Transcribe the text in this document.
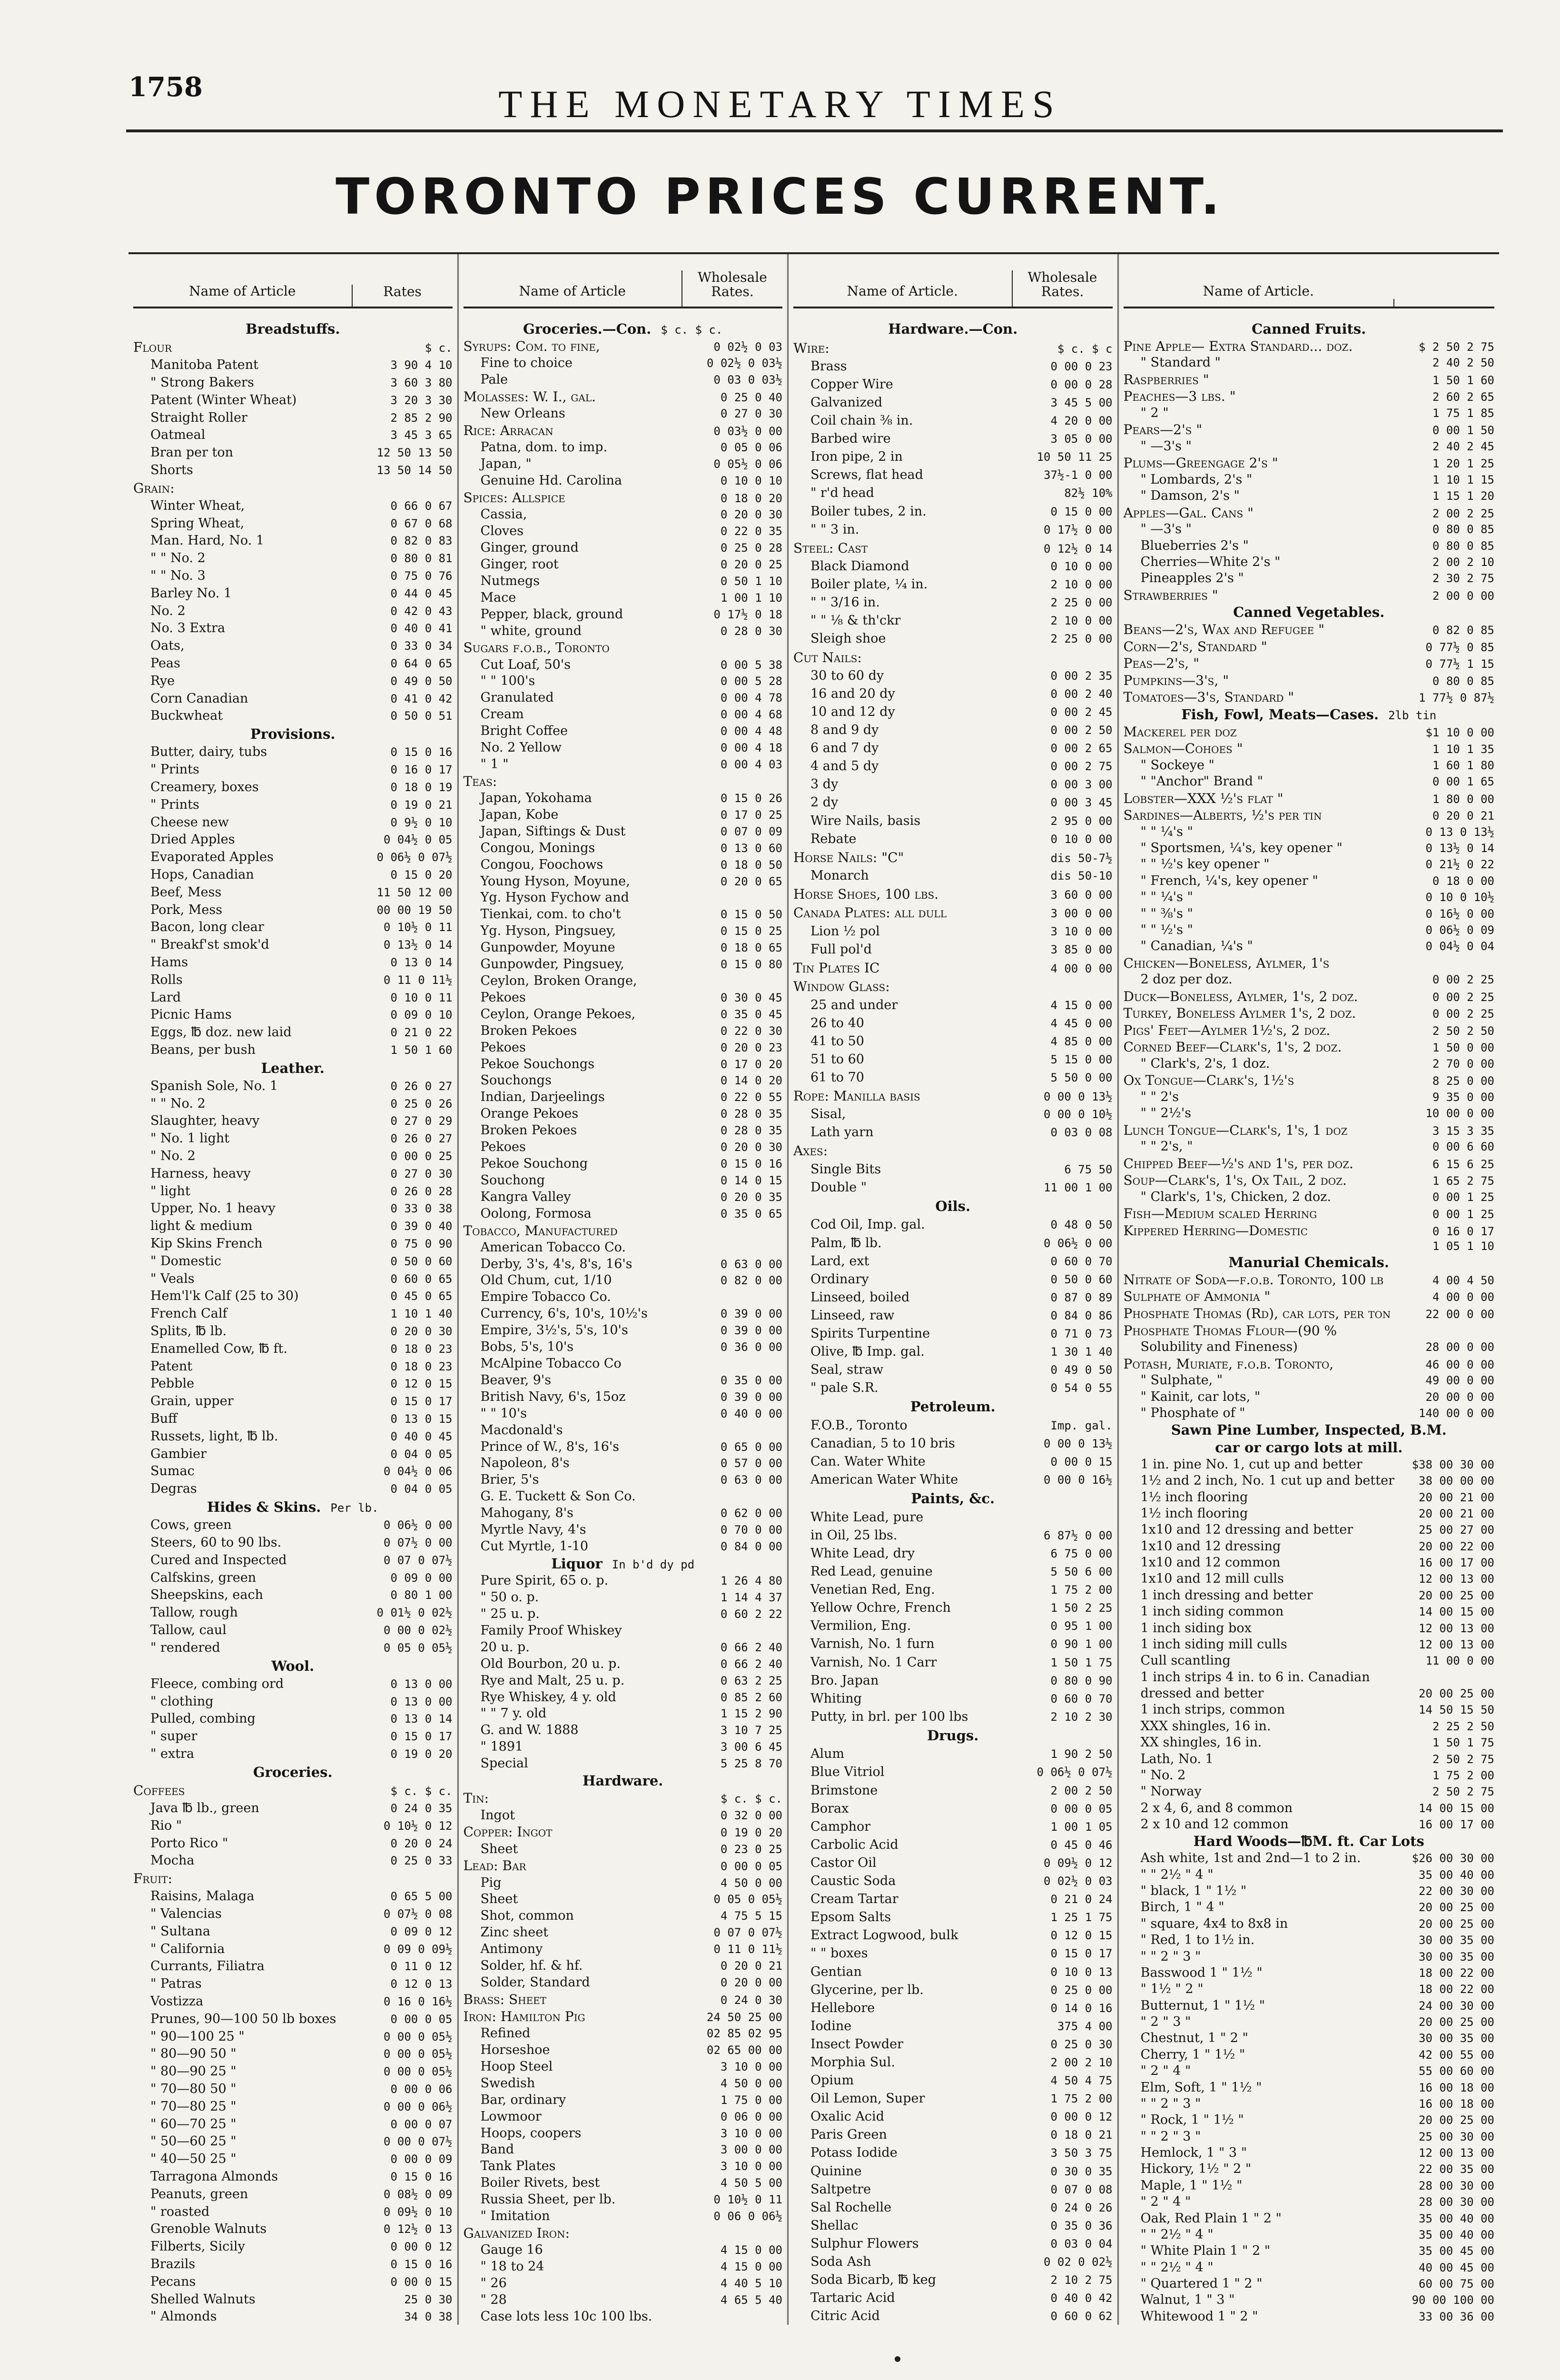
1758	THE MONETARY TIMES
TORONTO PRICES CURRENT.
Name of Article	Rates
Breadstuffs.
Flour	$ c.
Manitoba Patent	3 90 4 10
" Strong Bakers	3 60 3 80
Patent (Winter Wheat)	3 20 3 30
Straight Roller	2 85 2 90
Oatmeal	3 45 3 65
Bran per ton	12 50 13 50
Shorts	13 50 14 50
Grain:
Winter Wheat,	0 66 0 67
Spring Wheat,	0 67 0 68
Man. Hard, No. 1	0 82 0 83
" " No. 2	0 80 0 81
" " No. 3	0 75 0 76
Barley No. 1	0 44 0 45
No. 2	0 42 0 43
No. 3 Extra	0 40 0 41
Oats,	0 33 0 34
Peas	0 64 0 65
Rye	0 49 0 50
Corn Canadian	0 41 0 42
Buckwheat	0 50 0 51
Provisions.
Butter, dairy, tubs	0 15 0 16
" Prints	0 16 0 17
Creamery, boxes	0 18 0 19
" Prints	0 19 0 21
Cheese new	0 9½ 0 10
Dried Apples	0 04½ 0 05
Evaporated Apples	0 06½ 0 07½
Hops, Canadian	0 15 0 20
Beef, Mess	11 50 12 00
Pork, Mess	00 00 19 50
Bacon, long clear	0 10½ 0 11
" Breakf'st smok'd	0 13½ 0 14
Hams	0 13 0 14
Rolls	0 11 0 11½
Lard	0 10 0 11
Picnic Hams	0 09 0 10
Eggs, ℔ doz. new laid	0 21 0 22
Beans, per bush	1 50 1 60
Leather.
Spanish Sole, No. 1	0 26 0 27
" " No. 2	0 25 0 26
Slaughter, heavy	0 27 0 29
" No. 1 light	0 26 0 27
" No. 2	0 00 0 25
Harness, heavy	0 27 0 30
" light	0 26 0 28
Upper, No. 1 heavy	0 33 0 38
light & medium	0 39 0 40
Kip Skins French	0 75 0 90
" Domestic	0 50 0 60
" Veals	0 60 0 65
Hem'l'k Calf (25 to 30)	0 45 0 65
French Calf	1 10 1 40
Splits, ℔ lb.	0 20 0 30
Enamelled Cow, ℔ ft.	0 18 0 23
Patent	0 18 0 23
Pebble	0 12 0 15
Grain, upper	0 15 0 17
Buff	0 13 0 15
Russets, light, ℔ lb.	0 40 0 45
Gambier	0 04 0 05
Sumac	0 04½ 0 06
Degras	0 04 0 05
Hides & Skins. Per lb.
Cows, green	0 06½ 0 00
Steers, 60 to 90 lbs.	0 07½ 0 00
Cured and Inspected	0 07 0 07½
Calfskins, green	0 09 0 00
Sheepskins, each	0 80 1 00
Tallow, rough	0 01½ 0 02½
Tallow, caul	0 00 0 02½
" rendered	0 05 0 05½
Wool.
Fleece, combing ord	0 13 0 00
" clothing	0 13 0 00
Pulled, combing	0 13 0 14
" super	0 15 0 17
" extra	0 19 0 20
Groceries.
Coffees	$ c. $ c.
Java ℔ lb., green	0 24 0 35
Rio "	0 10½ 0 12
Porto Rico "	0 20 0 24
Mocha	0 25 0 33
Fruit:
Raisins, Malaga	0 65 5 00
" Valencias	0 07½ 0 08
" Sultana	0 09 0 12
" California	0 09 0 09½
Currants, Filiatra	0 11 0 12
" Patras	0 12 0 13
Vostizza	0 16 0 16½
Prunes, 90—100 50 lb boxes	0 00 0 05
" 90—100 25 "	0 00 0 05½
" 80—90 50 "	0 00 0 05½
" 80—90 25 "	0 00 0 05½
" 70—80 50 "	0 00 0 06
" 70—80 25 "	0 00 0 06½
" 60—70 25 "	0 00 0 07
" 50—60 25 "	0 00 0 07½
" 40—50 25 "	0 00 0 09
Tarragona Almonds	0 15 0 16
Peanuts, green	0 08½ 0 09
" roasted	0 09½ 0 10
Grenoble Walnuts	0 12½ 0 13
Filberts, Sicily	0 00 0 12
Brazils	0 15 0 16
Pecans	0 00 0 15
Shelled Walnuts	25 0 30
" Almonds	34 0 38
Name of Article
Wholesale Rates.
Groceries.—Con. $ c. $ c.
Syrups: Com. to fine,	0 02½ 0 03
Fine to choice	0 02½ 0 03½
Pale	0 03 0 03½
Molasses: W. I., gal.	0 25 0 40
New Orleans	0 27 0 30
Rice: Arracan	0 03½ 0 00
Patna, dom. to imp.	0 05 0 06
Japan, "	0 05½ 0 06
Genuine Hd. Carolina	0 10 0 10
Spices: Allspice	0 18 0 20
Cassia,	0 20 0 30
Cloves	0 22 0 35
Ginger, ground	0 25 0 28
Ginger, root	0 20 0 25
Nutmegs	0 50 1 10
Mace	1 00 1 10
Pepper, black, ground	0 17½ 0 18
" white, ground	0 28 0 30
Sugars f.o.b., Toronto
Cut Loaf, 50's	0 00 5 38
" " 100's	0 00 5 28
Granulated	0 00 4 78
Cream	0 00 4 68
Bright Coffee	0 00 4 48
No. 2 Yellow	0 00 4 18
" 1 "	0 00 4 03
Teas:
Japan, Yokohama	0 15 0 26
Japan, Kobe	0 17 0 25
Japan, Siftings & Dust	0 07 0 09
Congou, Monings	0 13 0 60
Congou, Foochows	0 18 0 50
Young Hyson, Moyune,	0 20 0 65
Yg. Hyson Fychow and
Tienkai, com. to cho't	0 15 0 50
Yg. Hyson, Pingsuey,	0 15 0 25
Gunpowder, Moyune	0 18 0 65
Gunpowder, Pingsuey,	0 15 0 80
Ceylon, Broken Orange,
Pekoes	0 30 0 45
Ceylon, Orange Pekoes,	0 35 0 45
Broken Pekoes	0 22 0 30
Pekoes	0 20 0 23
Pekoe Souchongs	0 17 0 20
Souchongs	0 14 0 20
Indian, Darjeelings	0 22 0 55
Orange Pekoes	0 28 0 35
Broken Pekoes	0 28 0 35
Pekoes	0 20 0 30
Pekoe Souchong	0 15 0 16
Souchong	0 14 0 15
Kangra Valley	0 20 0 35
Oolong, Formosa	0 35 0 65
Tobacco, Manufactured
American Tobacco Co.
Derby, 3's, 4's, 8's, 16's	0 63 0 00
Old Chum, cut, 1/10	0 82 0 00
Empire Tobacco Co.
Currency, 6's, 10's, 10½'s	0 39 0 00
Empire, 3½'s, 5's, 10's	0 39 0 00
Bobs, 5's, 10's	0 36 0 00
McAlpine Tobacco Co
Beaver, 9's	0 35 0 00
British Navy, 6's, 15oz	0 39 0 00
" " 10's	0 40 0 00
Macdonald's
Prince of W., 8's, 16's	0 65 0 00
Napoleon, 8's	0 57 0 00
Brier, 5's	0 63 0 00
G. E. Tuckett & Son Co.
Mahogany, 8's	0 62 0 00
Myrtle Navy, 4's	0 70 0 00
Cut Myrtle, 1-10	0 84 0 00
Liquor In b'd dy pd
Pure Spirit, 65 o. p.	1 26 4 80
" 50 o. p.	1 14 4 37
" 25 u. p.	0 60 2 22
Family Proof Whiskey
20 u. p.	0 66 2 40
Old Bourbon, 20 u. p.	0 66 2 40
Rye and Malt, 25 u. p.	0 63 2 25
Rye Whiskey, 4 y. old	0 85 2 60
" " 7 y. old	1 15 2 90
G. and W. 1888	3 10 7 25
" 1891	3 00 6 45
Special	5 25 8 70
Hardware.
Tin:	$ c. $ c.
Ingot	0 32 0 00
Copper: Ingot	0 19 0 20
Sheet	0 23 0 25
Lead: Bar	0 00 0 05
Pig	4 50 0 00
Sheet	0 05 0 05½
Shot, common	4 75 5 15
Zinc sheet	0 07 0 07½
Antimony	0 11 0 11½
Solder, hf. & hf.	0 20 0 21
Solder, Standard	0 20 0 00
Brass: Sheet	0 24 0 30
Iron: Hamilton Pig	24 50 25 00
Refined	02 85 02 95
Horseshoe	02 65 00 00
Hoop Steel	3 10 0 00
Swedish	4 50 0 00
Bar, ordinary	1 75 0 00
Lowmoor	0 06 0 00
Hoops, coopers	3 10 0 00
Band	3 00 0 00
Tank Plates	3 10 0 00
Boiler Rivets, best	4 50 5 00
Russia Sheet, per lb.	0 10½ 0 11
" Imitation	0 06 0 06½
Galvanized Iron:
Gauge 16	4 15 0 00
" 18 to 24	4 15 0 00
" 26	4 40 5 10
" 28	4 65 5 40
Case lots less 10c 100 lbs.
Name of Article.
Wholesale Rates.
Hardware.—Con.
Wire:	$ c. $ c
Brass	0 00 0 23
Copper Wire	0 00 0 28
Galvanized	3 45 5 00
Coil chain ⅜ in.	4 20 0 00
Barbed wire	3 05 0 00
Iron pipe, 2 in	10 50 11 25
Screws, flat head	37½-1 0 00
" r'd head	82½ 10%
Boiler tubes, 2 in.	0 15 0 00
" " 3 in.	0 17½ 0 00
Steel: Cast	0 12½ 0 14
Black Diamond	0 10 0 00
Boiler plate, ¼ in.	2 10 0 00
" " 3/16 in.	2 25 0 00
" " ⅛ & th'ckr	2 10 0 00
Sleigh shoe	2 25 0 00
Cut Nails:
30 to 60 dy	0 00 2 35
16 and 20 dy	0 00 2 40
10 and 12 dy	0 00 2 45
8 and 9 dy	0 00 2 50
6 and 7 dy	0 00 2 65
4 and 5 dy	0 00 2 75
3 dy	0 00 3 00
2 dy	0 00 3 45
Wire Nails, basis	2 95 0 00
Rebate	0 10 0 00
Horse Nails: "C"	dis 50-7½
Monarch	dis 50-10
Horse Shoes, 100 lbs.	3 60 0 00
Canada Plates: all dull	3 00 0 00
Lion ½ pol	3 10 0 00
Full pol'd	3 85 0 00
Tin Plates IC	4 00 0 00
Window Glass:
25 and under	4 15 0 00
26 to 40	4 45 0 00
41 to 50	4 85 0 00
51 to 60	5 15 0 00
61 to 70	5 50 0 00
Rope: Manilla basis	0 00 0 13½
Sisal,	0 00 0 10½
Lath yarn	0 03 0 08
Axes:
Single Bits	6 75 50
Double "	11 00 1 00
Oils.
Cod Oil, Imp. gal.	0 48 0 50
Palm, ℔ lb.	0 06½ 0 00
Lard, ext	0 60 0 70
Ordinary	0 50 0 60
Linseed, boiled	0 87 0 89
Linseed, raw	0 84 0 86
Spirits Turpentine	0 71 0 73
Olive, ℔ Imp. gal.	1 30 1 40
Seal, straw	0 49 0 50
" pale S.R.	0 54 0 55
Petroleum.
F.O.B., Toronto	Imp. gal.
Canadian, 5 to 10 bris	0 00 0 13½
Can. Water White	0 00 0 15
American Water White	0 00 0 16½
Paints, &c.
White Lead, pure
in Oil, 25 lbs.	6 87½ 0 00
White Lead, dry	6 75 0 00
Red Lead, genuine	5 50 6 00
Venetian Red, Eng.	1 75 2 00
Yellow Ochre, French	1 50 2 25
Vermilion, Eng.	0 95 1 00
Varnish, No. 1 furn	0 90 1 00
Varnish, No. 1 Carr	1 50 1 75
Bro. Japan	0 80 0 90
Whiting	0 60 0 70
Putty, in brl. per 100 lbs	2 10 2 30
Drugs.
Alum	1 90 2 50
Blue Vitriol	0 06½ 0 07½
Brimstone	2 00 2 50
Borax	0 00 0 05
Camphor	1 00 1 05
Carbolic Acid	0 45 0 46
Castor Oil	0 09½ 0 12
Caustic Soda	0 02½ 0 03
Cream Tartar	0 21 0 24
Epsom Salts	1 25 1 75
Extract Logwood, bulk	0 12 0 15
" " boxes	0 15 0 17
Gentian	0 10 0 13
Glycerine, per lb.	0 25 0 00
Hellebore	0 14 0 16
Iodine	375 4 00
Insect Powder	0 25 0 30
Morphia Sul.	2 00 2 10
Opium	4 50 4 75
Oil Lemon, Super	1 75 2 00
Oxalic Acid	0 00 0 12
Paris Green	0 18 0 21
Potass Iodide	3 50 3 75
Quinine	0 30 0 35
Saltpetre	0 07 0 08
Sal Rochelle	0 24 0 26
Shellac	0 35 0 36
Sulphur Flowers	0 03 0 04
Soda Ash	0 02 0 02½
Soda Bicarb, ℔ keg	2 10 2 75
Tartaric Acid	0 40 0 42
Citric Acid	0 60 0 62
Name of Article.
Canned Fruits.
Pine Apple— Extra Standard... doz.	$ 2 50 2 75
" Standard "	2 40 2 50
Raspberries "	1 50 1 60
Peaches—3 lbs. "	2 60 2 65
" 2 "	1 75 1 85
Pears—2's "	0 00 1 50
" —3's "	2 40 2 45
Plums—Greengage 2's "	1 20 1 25
" Lombards, 2's "	1 10 1 15
" Damson, 2's "	1 15 1 20
Apples—Gal. Cans "	2 00 2 25
" —3's "	0 80 0 85
Blueberries 2's "	0 80 0 85
Cherries—White 2's "	2 00 2 10
Pineapples 2's "	2 30 2 75
Strawberries "	2 00 0 00
Canned Vegetables.
Beans—2's, Wax and Refugee "	0 82 0 85
Corn—2's, Standard "	0 77½ 0 85
Peas—2's, "	0 77½ 1 15
Pumpkins—3's, "	0 80 0 85
Tomatoes—3's, Standard "	1 77½ 0 87½
Fish, Fowl, Meats—Cases. 2lb tin
Mackerel per doz	$1 10 0 00
Salmon—Cohoes "	1 10 1 35
" Sockeye "	1 60 1 80
" "Anchor" Brand "	0 00 1 65
Lobster—XXX ½'s flat "	1 80 0 00
Sardines—Alberts, ½'s per tin	0 20 0 21
" " ¼'s "	0 13 0 13½
" Sportsmen, ¼'s, key opener "	0 13½ 0 14
" " ½'s key opener "	0 21½ 0 22
" French, ¼'s, key opener "	0 18 0 00
" " ¼'s "	0 10 0 10½
" " ⅜'s "	0 16½ 0 00
" " ½'s "	0 06½ 0 09
" Canadian, ¼'s "	0 04½ 0 04
Chicken—Boneless, Aylmer, 1's
2 doz per doz.	0 00 2 25
Duck—Boneless, Aylmer, 1's, 2 doz.	0 00 2 25
Turkey, Boneless Aylmer 1's, 2 doz.	0 00 2 25
Pigs' Feet—Aylmer 1½'s, 2 doz.	2 50 2 50
Corned Beef—Clark's, 1's, 2 doz.	1 50 0 00
" Clark's, 2's, 1 doz.	2 70 0 00
Ox Tongue—Clark's, 1½'s	8 25 0 00
" " 2's	9 35 0 00
" " 2½'s	10 00 0 00
Lunch Tongue—Clark's, 1's, 1 doz	3 15 3 35
" " 2's, "	0 00 6 60
Chipped Beef—½'s and 1's, per doz.	6 15 6 25
Soup—Clark's, 1's, Ox Tail, 2 doz.	1 65 2 75
" Clark's, 1's, Chicken, 2 doz.	0 00 1 25
Fish—Medium scaled Herring	0 00 1 25
Kippered Herring—Domestic	0 16 0 17
1 05 1 10
Manurial Chemicals.
Nitrate of Soda—f.o.b. Toronto, 100 lb	4 00 4 50
Sulphate of Ammonia "	4 00 0 00
Phosphate Thomas (Rd), car lots, per ton	22 00 0 00
Phosphate Thomas Flour—(90 %
Solubility and Fineness)	28 00 0 00
Potash, Muriate, f.o.b. Toronto,	46 00 0 00
" Sulphate, "	49 00 0 00
" Kainit, car lots, "	20 00 0 00
" Phosphate of "	140 00 0 00
Sawn Pine Lumber, Inspected, B.M.
car or cargo lots at mill.
1 in. pine No. 1, cut up and better	$38 00 30 00
1½ and 2 inch, No. 1 cut up and better	38 00 00 00
1½ inch flooring	20 00 21 00
1½ inch flooring	20 00 21 00
1x10 and 12 dressing and better	25 00 27 00
1x10 and 12 dressing	20 00 22 00
1x10 and 12 common	16 00 17 00
1x10 and 12 mill culls	12 00 13 00
1 inch dressing and better	20 00 25 00
1 inch siding common	14 00 15 00
1 inch siding box	12 00 13 00
1 inch siding mill culls	12 00 13 00
Cull scantling	11 00 0 00
1 inch strips 4 in. to 6 in. Canadian
dressed and better	20 00 25 00
1 inch strips, common	14 50 15 50
XXX shingles, 16 in.	2 25 2 50
XX shingles, 16 in.	1 50 1 75
Lath, No. 1	2 50 2 75
" No. 2	1 75 2 00
" Norway	2 50 2 75
2 x 4, 6, and 8 common	14 00 15 00
2 x 10 and 12 common	16 00 17 00
Hard Woods—℔M. ft. Car Lots
Ash white, 1st and 2nd—1 to 2 in.	$26 00 30 00
" " 2½ " 4 "	35 00 40 00
" black, 1 " 1½ "	22 00 30 00
Birch, 1 " 4 "	20 00 25 00
" square, 4x4 to 8x8 in	20 00 25 00
" Red, 1 to 1½ in.	30 00 35 00
" " 2 " 3 "	30 00 35 00
Basswood 1 " 1½ "	18 00 22 00
" 1½ " 2 "	18 00 22 00
Butternut, 1 " 1½ "	24 00 30 00
" 2 " 3 "	20 00 25 00
Chestnut, 1 " 2 "	30 00 35 00
Cherry, 1 " 1½ "	42 00 55 00
" 2 " 4 "	55 00 60 00
Elm, Soft, 1 " 1½ "	16 00 18 00
" " 2 " 3 "	16 00 18 00
" Rock, 1 " 1½ "	20 00 25 00
" " 2 " 3 "	25 00 30 00
Hemlock, 1 " 3 "	12 00 13 00
Hickory, 1½ " 2 "	22 00 35 00
Maple, 1 " 1½ "	28 00 30 00
" 2 " 4 "	28 00 30 00
Oak, Red Plain 1 " 2 "	35 00 40 00
" " 2½ " 4 "	35 00 40 00
" White Plain 1 " 2 "	35 00 45 00
" " 2½ " 4 "	40 00 45 00
" Quartered 1 " 2 "	60 00 75 00
Walnut, 1 " 3 "	90 00 100 00
Whitewood 1 " 2 "	33 00 36 00
